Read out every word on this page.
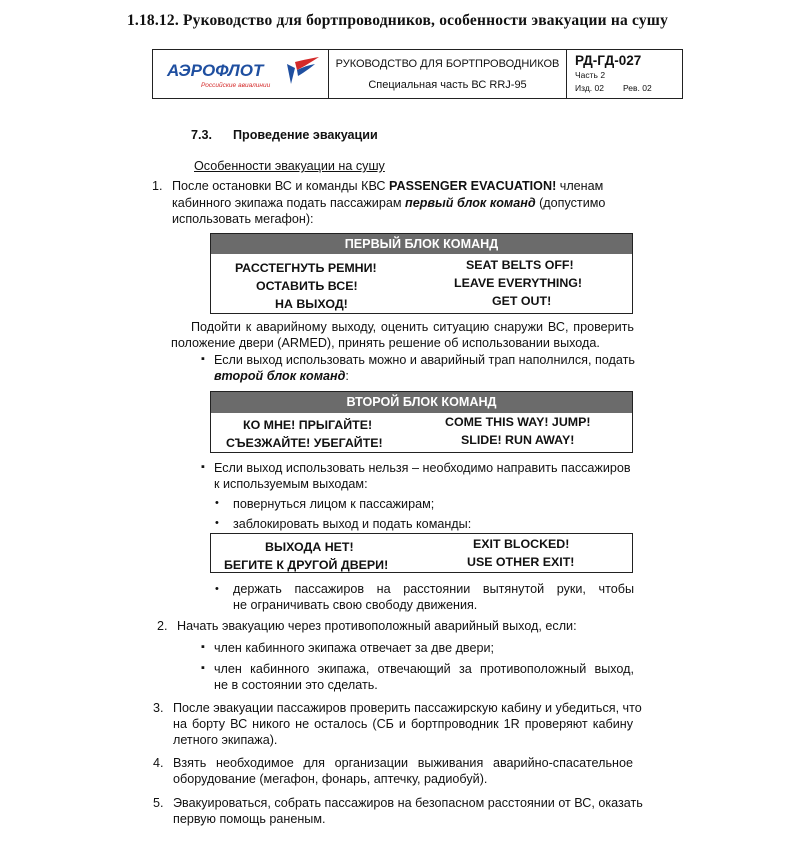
1.18.12. Руководство для бортпроводников, особенности эвакуации на сушу
АЭРОФЛОТ
Российские авиалинии
РУКОВОДСТВО ДЛЯ БОРТПРОВОДНИКОВ
Специальная часть ВС RRJ-95
РД-ГД-027
Часть 2
Изд. 02 Рев. 02
7.3. Проведение эвакуации
Особенности эвакуации на сушу
1. После остановки ВС и команды КВС PASSENGER EVACUATION! членам
кабинного экипажа подать пассажирам первый блок команд (допустимо
использовать мегафон):
ПЕРВЫЙ БЛОК КОМАНД
РАССТЕГНУТЬ РЕМНИ!
ОСТАВИТЬ ВСЕ!
НА ВЫХОД!
SEAT BELTS OFF!
LEAVE EVERYTHING!
GET OUT!
Подойти к аварийному выходу, оценить ситуацию снаружи ВС, проверить
положение двери (ARMED), принять решение об использовании выхода.
▪ Если выход использовать можно и аварийный трап наполнился, подать
второй блок команд:
ВТОРОЙ БЛОК КОМАНД
КО МНЕ! ПРЫГАЙТЕ!
СЪЕЗЖАЙТЕ! УБЕГАЙТЕ!
COME THIS WAY! JUMP!
SLIDE! RUN AWAY!
▪ Если выход использовать нельзя – необходимо направить пассажиров
к используемым выходам:
• повернуться лицом к пассажирам;
• заблокировать выход и подать команды:
ВЫХОДА НЕТ!
БЕГИТЕ К ДРУГОЙ ДВЕРИ!
EXIT BLOCKED!
USE OTHER EXIT!
• держать пассажиров на расстоянии вытянутой руки, чтобы
не ограничивать свою свободу движения.
2. Начать эвакуацию через противоположный аварийный выход, если:
▪ член кабинного экипажа отвечает за две двери;
▪ член кабинного экипажа, отвечающий за противоположный выход,
не в состоянии это сделать.
3. После эвакуации пассажиров проверить пассажирскую кабину и убедиться, что
на борту ВС никого не осталось (СБ и бортпроводник 1R проверяют кабину
летного экипажа).
4. Взять необходимое для организации выживания аварийно-спасательное
оборудование (мегафон, фонарь, аптечку, радиобуй).
5. Эвакуироваться, собрать пассажиров на безопасном расстоянии от ВС, оказать
первую помощь раненым.
